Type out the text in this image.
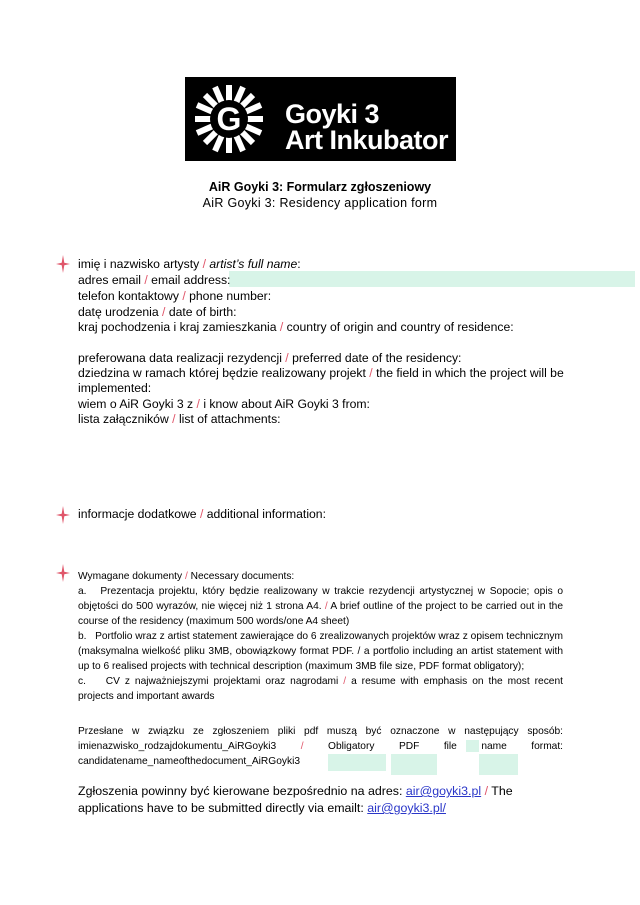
G Goyki 3
Art Inkubator
AiR Goyki 3: Formularz zgłoszeniowy
AiR Goyki 3: Residency application form
imię i nazwisko artysty / artist’s full name:
adres email / email address:
telefon kontaktowy / phone number:
datę urodzenia / date of birth:
kraj pochodzenia i kraj zamieszkania / country of origin and country of residence:
preferowana data realizacji rezydencji / preferred date of the residency:
dziedzina w ramach której będzie realizowany projekt / the field in which the project will be
implemented:
wiem o AiR Goyki 3 z / i know about AiR Goyki 3 from:
lista załączników / list of attachments:
informacje dodatkowe / additional information:

Wymagane dokumenty / Necessary documents:

a. Prezentacja projektu, który będzie realizowany w trakcie rezydencji artystycznej w Sopocie; opis o objętości do 500 wyrazów, nie więcej niż 1 strona A4. / A brief outline of the project to be carried out in the course of the residency (maximum 500 words/one A4 sheet)

b. Portfolio wraz z artist statement zawierające do 6 zrealizowanych projektów wraz z opisem technicznym (maksymalna wielkość pliku 3MB, obowiązkowy format PDF. / a portfolio including an artist statement with up to 6 realised projects with technical description (maximum 3MB file size, PDF format obligatory);

c. CV z najważniejszymi projektami oraz nagrodami / a resume with emphasis on the most recent projects and important awards

Przesłane w związku ze zgłoszeniem pliki pdf muszą być oznaczone w następujący sposób: imienazwisko_rodzajdokumentu_AiRGoyki3 / Obligatory PDF file name format: candidatename_nameofthedocument_AiRGoyki3

Zgłoszenia powinny być kierowane bezpośrednio na adres: air@goyki3.pl / The applications have to be submitted directly via emailt: air@goyki3.pl/
